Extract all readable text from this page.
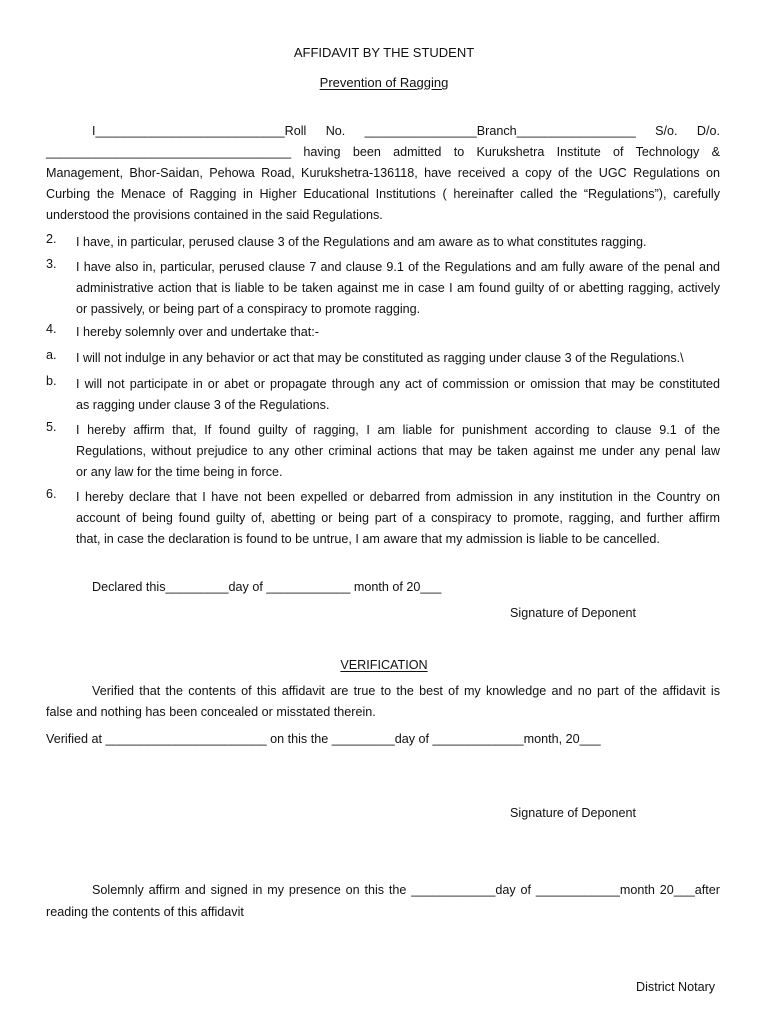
AFFIDAVIT BY THE STUDENT
Prevention of Ragging
I___________________________Roll No. ________________Branch_________________ S/o. D/o.
___________________________________ having been admitted to Kurukshetra Institute of Technology &
Management, Bhor-Saidan, Pehowa Road, Kurukshetra-136118, have received a copy of the UGC Regulations on
Curbing the Menace of Ragging in Higher Educational Institutions ( hereinafter called the “Regulations”), carefully
understood the provisions contained in the said Regulations.
2. I have, in particular, perused clause 3 of the Regulations and am aware as to what constitutes ragging.
3. I have also in, particular, perused clause 7 and clause 9.1 of the Regulations and am fully aware of the penal and
administrative action that is liable to be taken against me in case I am found guilty of or abetting ragging, actively
or passively, or being part of a conspiracy to promote ragging.
4. I hereby solemnly over and undertake that:-
a. I will not indulge in any behavior or act that may be constituted as ragging under clause 3 of the Regulations.\
b. I will not participate in or abet or propagate through any act of commission or omission that may be constituted
as ragging under clause 3 of the Regulations.
5. I hereby affirm that, If found guilty of ragging, I am liable for punishment according to clause 9.1 of the
Regulations, without prejudice to any other criminal actions that may be taken against me under any penal law
or any law for the time being in force.
6. I hereby declare that I have not been expelled or debarred from admission in any institution in the Country on
account of being found guilty of, abetting or being part of a conspiracy to promote, ragging, and further affirm
that, in case the declaration is found to be untrue, I am aware that my admission is liable to be cancelled.
Declared this_________day of ____________ month of 20___
Signature of Deponent
VERIFICATION
Verified that the contents of this affidavit are true to the best of my knowledge and no part of the affidavit is
false and nothing has been concealed or misstated therein.
Verified at _______________________ on this the _________day of _____________month, 20___
Signature of Deponent
Solemnly affirm and signed in my presence on this the ____________day of ____________month 20___after
reading the contents of this affidavit
District Notary
